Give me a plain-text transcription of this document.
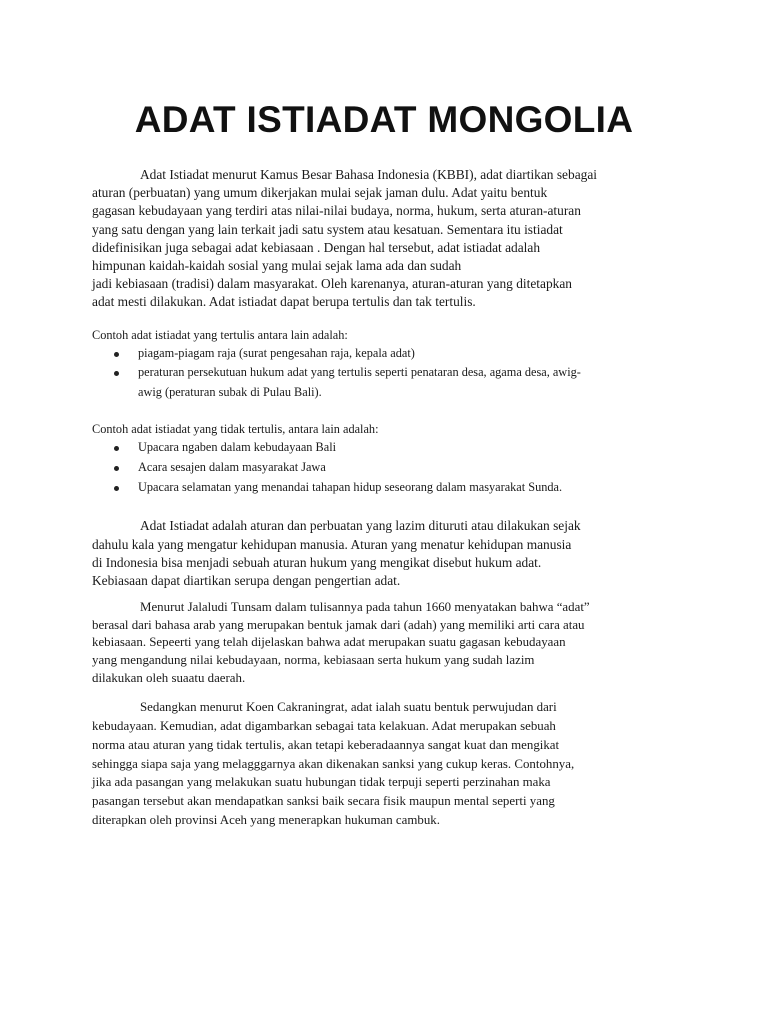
ADAT ISTIADAT MONGOLIA

Adat Istiadat menurut Kamus Besar Bahasa Indonesia (KBBI), adat diartikan sebagai
aturan (perbuatan) yang umum dikerjakan mulai sejak jaman dulu. Adat yaitu bentuk
gagasan kebudayaan yang terdiri atas nilai-nilai budaya, norma, hukum, serta aturan-aturan
yang satu dengan yang lain terkait jadi satu system atau kesatuan. Sementara itu istiadat
didefinisikan juga sebagai adat kebiasaan . Dengan hal tersebut, adat istiadat adalah
himpunan kaidah-kaidah sosial yang mulai sejak lama ada dan sudah
jadi kebiasaan (tradisi) dalam masyarakat. Oleh karenanya, aturan-aturan yang ditetapkan
adat mesti dilakukan. Adat istiadat dapat berupa tertulis dan tak tertulis.

Contoh adat istiadat yang tertulis antara lain adalah:

piagam-piagam raja (surat pengesahan raja, kepala adat)
peraturan persekutuan hukum adat yang tertulis seperti penataran desa, agama desa, awig-
awig (peraturan subak di Pulau Bali).

Contoh adat istiadat yang tidak tertulis, antara lain adalah:

Upacara ngaben dalam kebudayaan Bali
Acara sesajen dalam masyarakat Jawa
Upacara selamatan yang menandai tahapan hidup seseorang dalam masyarakat Sunda.

Adat Istiadat adalah aturan dan perbuatan yang lazim dituruti atau dilakukan sejak
dahulu kala yang mengatur kehidupan manusia. Aturan yang menatur kehidupan manusia
di Indonesia bisa menjadi sebuah aturan hukum yang mengikat disebut hukum adat.
Kebiasaan dapat diartikan serupa dengan pengertian adat.

Menurut Jalaludi Tunsam dalam tulisannya pada tahun 1660 menyatakan bahwa “adat”
berasal dari bahasa arab yang merupakan bentuk jamak dari (adah) yang memiliki arti cara atau
kebiasaan. Sepeerti yang telah dijelaskan bahwa adat merupakan suatu gagasan kebudayaan
yang mengandung nilai kebudayaan, norma, kebiasaan serta hukum yang sudah lazim
dilakukan oleh suaatu daerah.

Sedangkan menurut Koen Cakraningrat, adat ialah suatu bentuk perwujudan dari
kebudayaan. Kemudian, adat digambarkan sebagai tata kelakuan. Adat merupakan sebuah
norma atau aturan yang tidak tertulis, akan tetapi keberadaannya sangat kuat dan mengikat
sehingga siapa saja yang melagggarnya akan dikenakan sanksi yang cukup keras. Contohnya,
jika ada pasangan yang melakukan suatu hubungan tidak terpuji seperti perzinahan maka
pasangan tersebut akan mendapatkan sanksi baik secara fisik maupun mental seperti yang
diterapkan oleh provinsi Aceh yang menerapkan hukuman cambuk.
